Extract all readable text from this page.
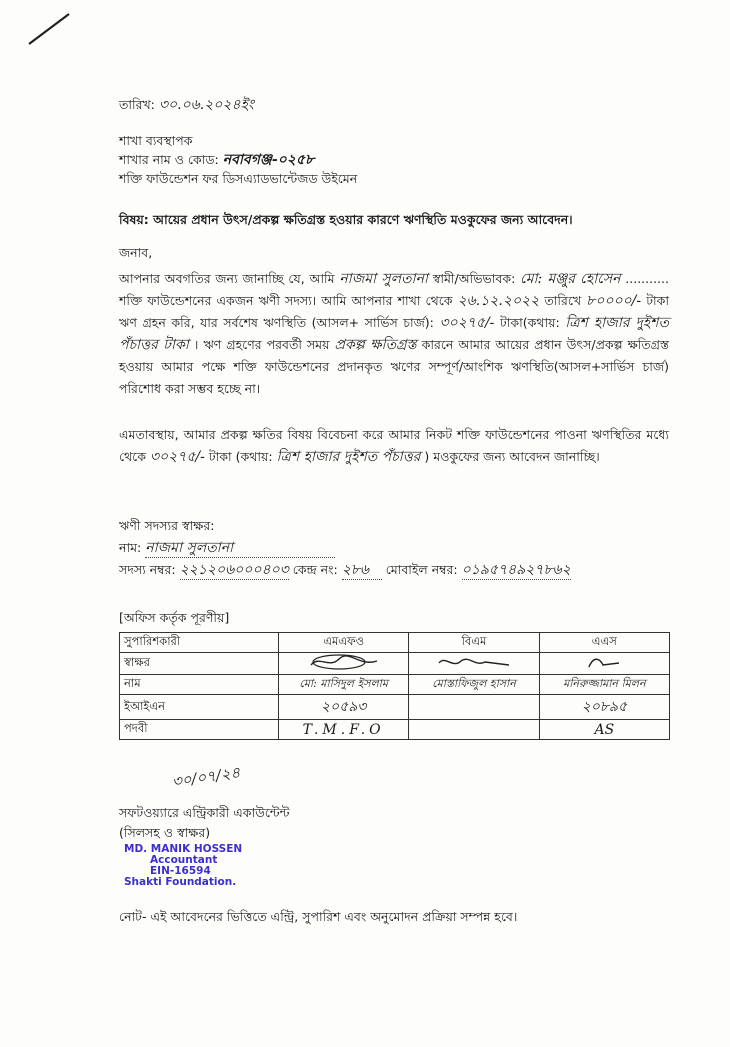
তারিখ: ৩০.০৬.২০২৪ইং
শাখা ব্যবস্থাপক
শাখার নাম ও কোড: নবাবগঞ্জ-০২৫৮
শক্তি ফাউন্ডেশন ফর ডিসএ্যাডভান্টেজড উইমেন
বিষয়: আয়ের প্রধান উৎস/প্রকল্প ক্ষতিগ্রস্ত হওয়ার কারণে ঋণস্থিতি মওকুফের জন্য আবেদন।
জনাব,
আপনার অবগতির জন্য জানাচ্ছি যে, আমি নাজমা সুলতানা স্বামী/অভিভাবক: মো: মঞ্জুর হোসেন ........... শক্তি ফাউন্ডেশনের একজন ঋণী সদস্য। আমি আপনার শাখা থেকে ২৬.১২.২০২২ তারিখে ৮০০০০/- টাকা ঋণ গ্রহন করি, যার সর্বশেষ ঋণস্থিতি (আসল+ সার্ভিস চার্জ): ৩০২৭৫/- টাকা(কথায়: ত্রিশ হাজার দুইশত পঁচাত্তর টাকা । ঋণ গ্রহণের পরবর্তী সময় প্রকল্প ক্ষতিগ্রস্ত কারনে আমার আয়ের প্রধান উৎস/প্রকল্প ক্ষতিগ্রস্ত হওয়ায় আমার পক্ষে শক্তি ফাউন্ডেশনের প্রদানকৃত ঋণের সম্পূর্ণ/আংশিক ঋণস্থিতি(আসল+সার্ভিস চার্জ) পরিশোধ করা সম্ভব হচ্ছে না।
এমতাবস্থায়, আমার প্রকল্প ক্ষতির বিষয় বিবেচনা করে আমার নিকট শক্তি ফাউন্ডেশনের পাওনা ঋণস্থিতির মধ্যে থেকে ৩০২৭৫/- টাকা (কথায়: ত্রিশ হাজার দুইশত পঁচাত্তর ) মওকুফের জন্য আবেদন জানাচ্ছি।
ঋণী সদস্যর স্বাক্ষর:
নাম: নাজমা সুলতানা
সদস্য নম্বর: ২২১২০৬০০০৪০৩ কেন্দ্র নং: ২৮৬ মোবাইল নম্বর: ০১৯৫৭৪৯২৭৮৬২
[অফিস কর্তৃক পূরণীয়]
সুপারিশকারী	এমএফও	বিএম	এএস
স্বাক্ষর			
নাম	মো: মাসিদুল ইসলাম	মোস্তাফিজুল হাসান	মনিরুজ্জামান মিলন
ইআইএন	২০৫৯৩		২০৮৯৫
পদবী	T.M.F.O		AS
৩০/০৭/২৪
সফটওয়্যারে এন্ট্রিকারী একাউন্টেন্ট
(সিলসহ ও স্বাক্ষর)
MD. MANIK HOSSEN
Accountant
EIN-16594
Shakti Foundation.
নোট- এই আবেদনের ভিত্তিতে এন্ট্রি, সুপারিশ এবং অনুমোদন প্রক্রিয়া সম্পন্ন হবে।
